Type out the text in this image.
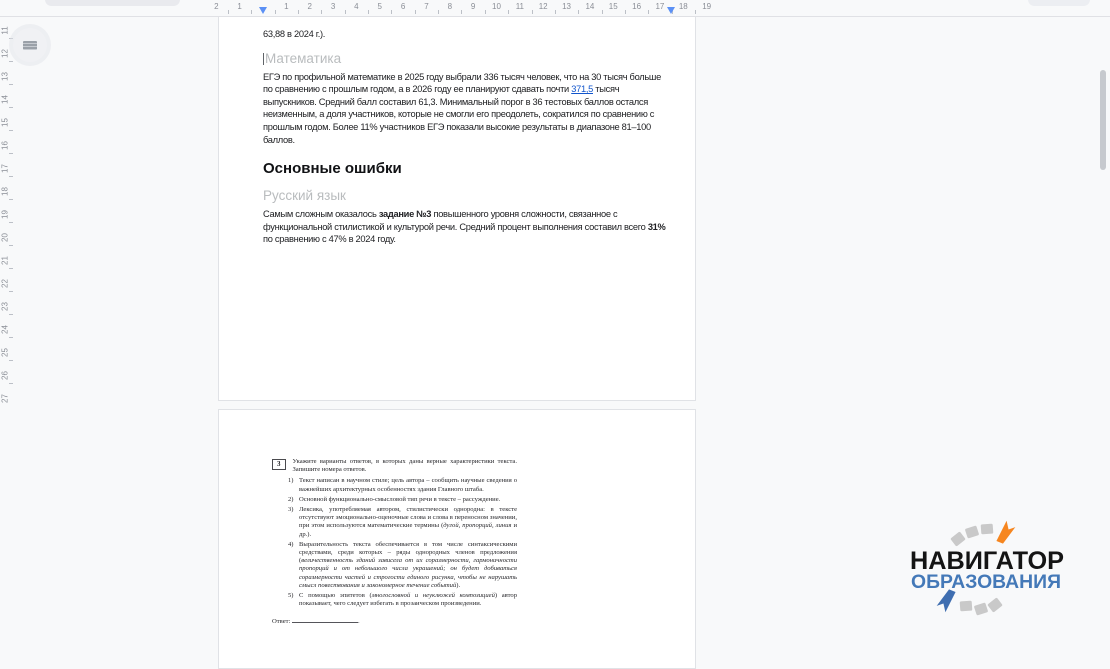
1
2	1 2 3 4 5 6 7 8 9 10 11 12 13 14 15 16 17 18 19
11
12
13
14
15
16
17
18
19
20
21
22
23
24
25
26
27
63,88 в 2024 г.).
Математика
ЕГЭ по профильной математике в 2025 году выбрали 336 тысяч человек, что на 30 тысяч больше
по сравнению с прошлым годом, а в 2026 году ее планируют сдавать почти 371,5 тысяч
выпускников. Средний балл составил 61,3. Минимальный порог в 36 тестовых баллов остался
неизменным, а доля участников, которые не смогли его преодолеть, сократился по сравнению с
прошлым годом. Более 11% участников ЕГЭ показали высокие результаты в диапазоне 81–100
баллов.
Основные ошибки
Русский язык
Самым сложным оказалось задание №3 повышенного уровня сложности, связанное с
функциональной стилистикой и культурой речи. Средний процент выполнения составил всего 31%
по сравнению с 47% в 2024 году.
3	Укажите варианты ответов, в которых даны верные характеристики текста. Запишите номера ответов.
1) Текст написан в научном стиле; цель автора – сообщить научные сведения о важнейших архитектурных особенностях здания Главного штаба.
2) Основной функционально-смысловой тип речи в тексте – рассуждение.
3) Лексика, употребляемая автором, стилистически однородна: в тексте отсутствуют эмоционально-оценочные слова и слова в переносном значении, при этом используются математические термины (дугой, пропорций, линия и др.).
4) Выразительность текста обеспечивается в том числе синтаксическими средствами, среди которых – ряды однородных членов предложения (величественность зданий зависела от их соразмерности, гармоничности пропорций и от небольшого числа украшений; он будет добиваться соразмерности частей и строгости единого рисунка, чтобы не нарушать смысл повествования и закономерное течение событий).
5) С помощью эпитетов (многословной и неуклюжей композицией) автор показывает, чего следует избегать в прозаическом произведении.
Ответ:	.
НАВИГАТОР
ОБРАЗОВАНИЯ
